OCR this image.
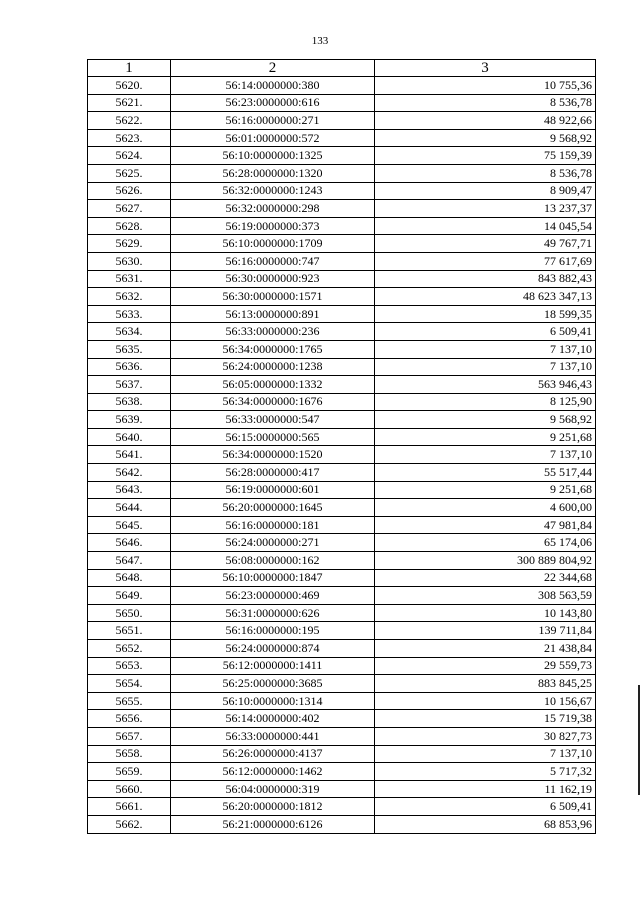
133
1	2	3
5620.	56:14:0000000:380	10 755,36
5621.	56:23:0000000:616	8 536,78
5622.	56:16:0000000:271	48 922,66
5623.	56:01:0000000:572	9 568,92
5624.	56:10:0000000:1325	75 159,39
5625.	56:28:0000000:1320	8 536,78
5626.	56:32:0000000:1243	8 909,47
5627.	56:32:0000000:298	13 237,37
5628.	56:19:0000000:373	14 045,54
5629.	56:10:0000000:1709	49 767,71
5630.	56:16:0000000:747	77 617,69
5631.	56:30:0000000:923	843 882,43
5632.	56:30:0000000:1571	48 623 347,13
5633.	56:13:0000000:891	18 599,35
5634.	56:33:0000000:236	6 509,41
5635.	56:34:0000000:1765	7 137,10
5636.	56:24:0000000:1238	7 137,10
5637.	56:05:0000000:1332	563 946,43
5638.	56:34:0000000:1676	8 125,90
5639.	56:33:0000000:547	9 568,92
5640.	56:15:0000000:565	9 251,68
5641.	56:34:0000000:1520	7 137,10
5642.	56:28:0000000:417	55 517,44
5643.	56:19:0000000:601	9 251,68
5644.	56:20:0000000:1645	4 600,00
5645.	56:16:0000000:181	47 981,84
5646.	56:24:0000000:271	65 174,06
5647.	56:08:0000000:162	300 889 804,92
5648.	56:10:0000000:1847	22 344,68
5649.	56:23:0000000:469	308 563,59
5650.	56:31:0000000:626	10 143,80
5651.	56:16:0000000:195	139 711,84
5652.	56:24:0000000:874	21 438,84
5653.	56:12:0000000:1411	29 559,73
5654.	56:25:0000000:3685	883 845,25
5655.	56:10:0000000:1314	10 156,67
5656.	56:14:0000000:402	15 719,38
5657.	56:33:0000000:441	30 827,73
5658.	56:26:0000000:4137	7 137,10
5659.	56:12:0000000:1462	5 717,32
5660.	56:04:0000000:319	11 162,19
5661.	56:20:0000000:1812	6 509,41
5662.	56:21:0000000:6126	68 853,96
